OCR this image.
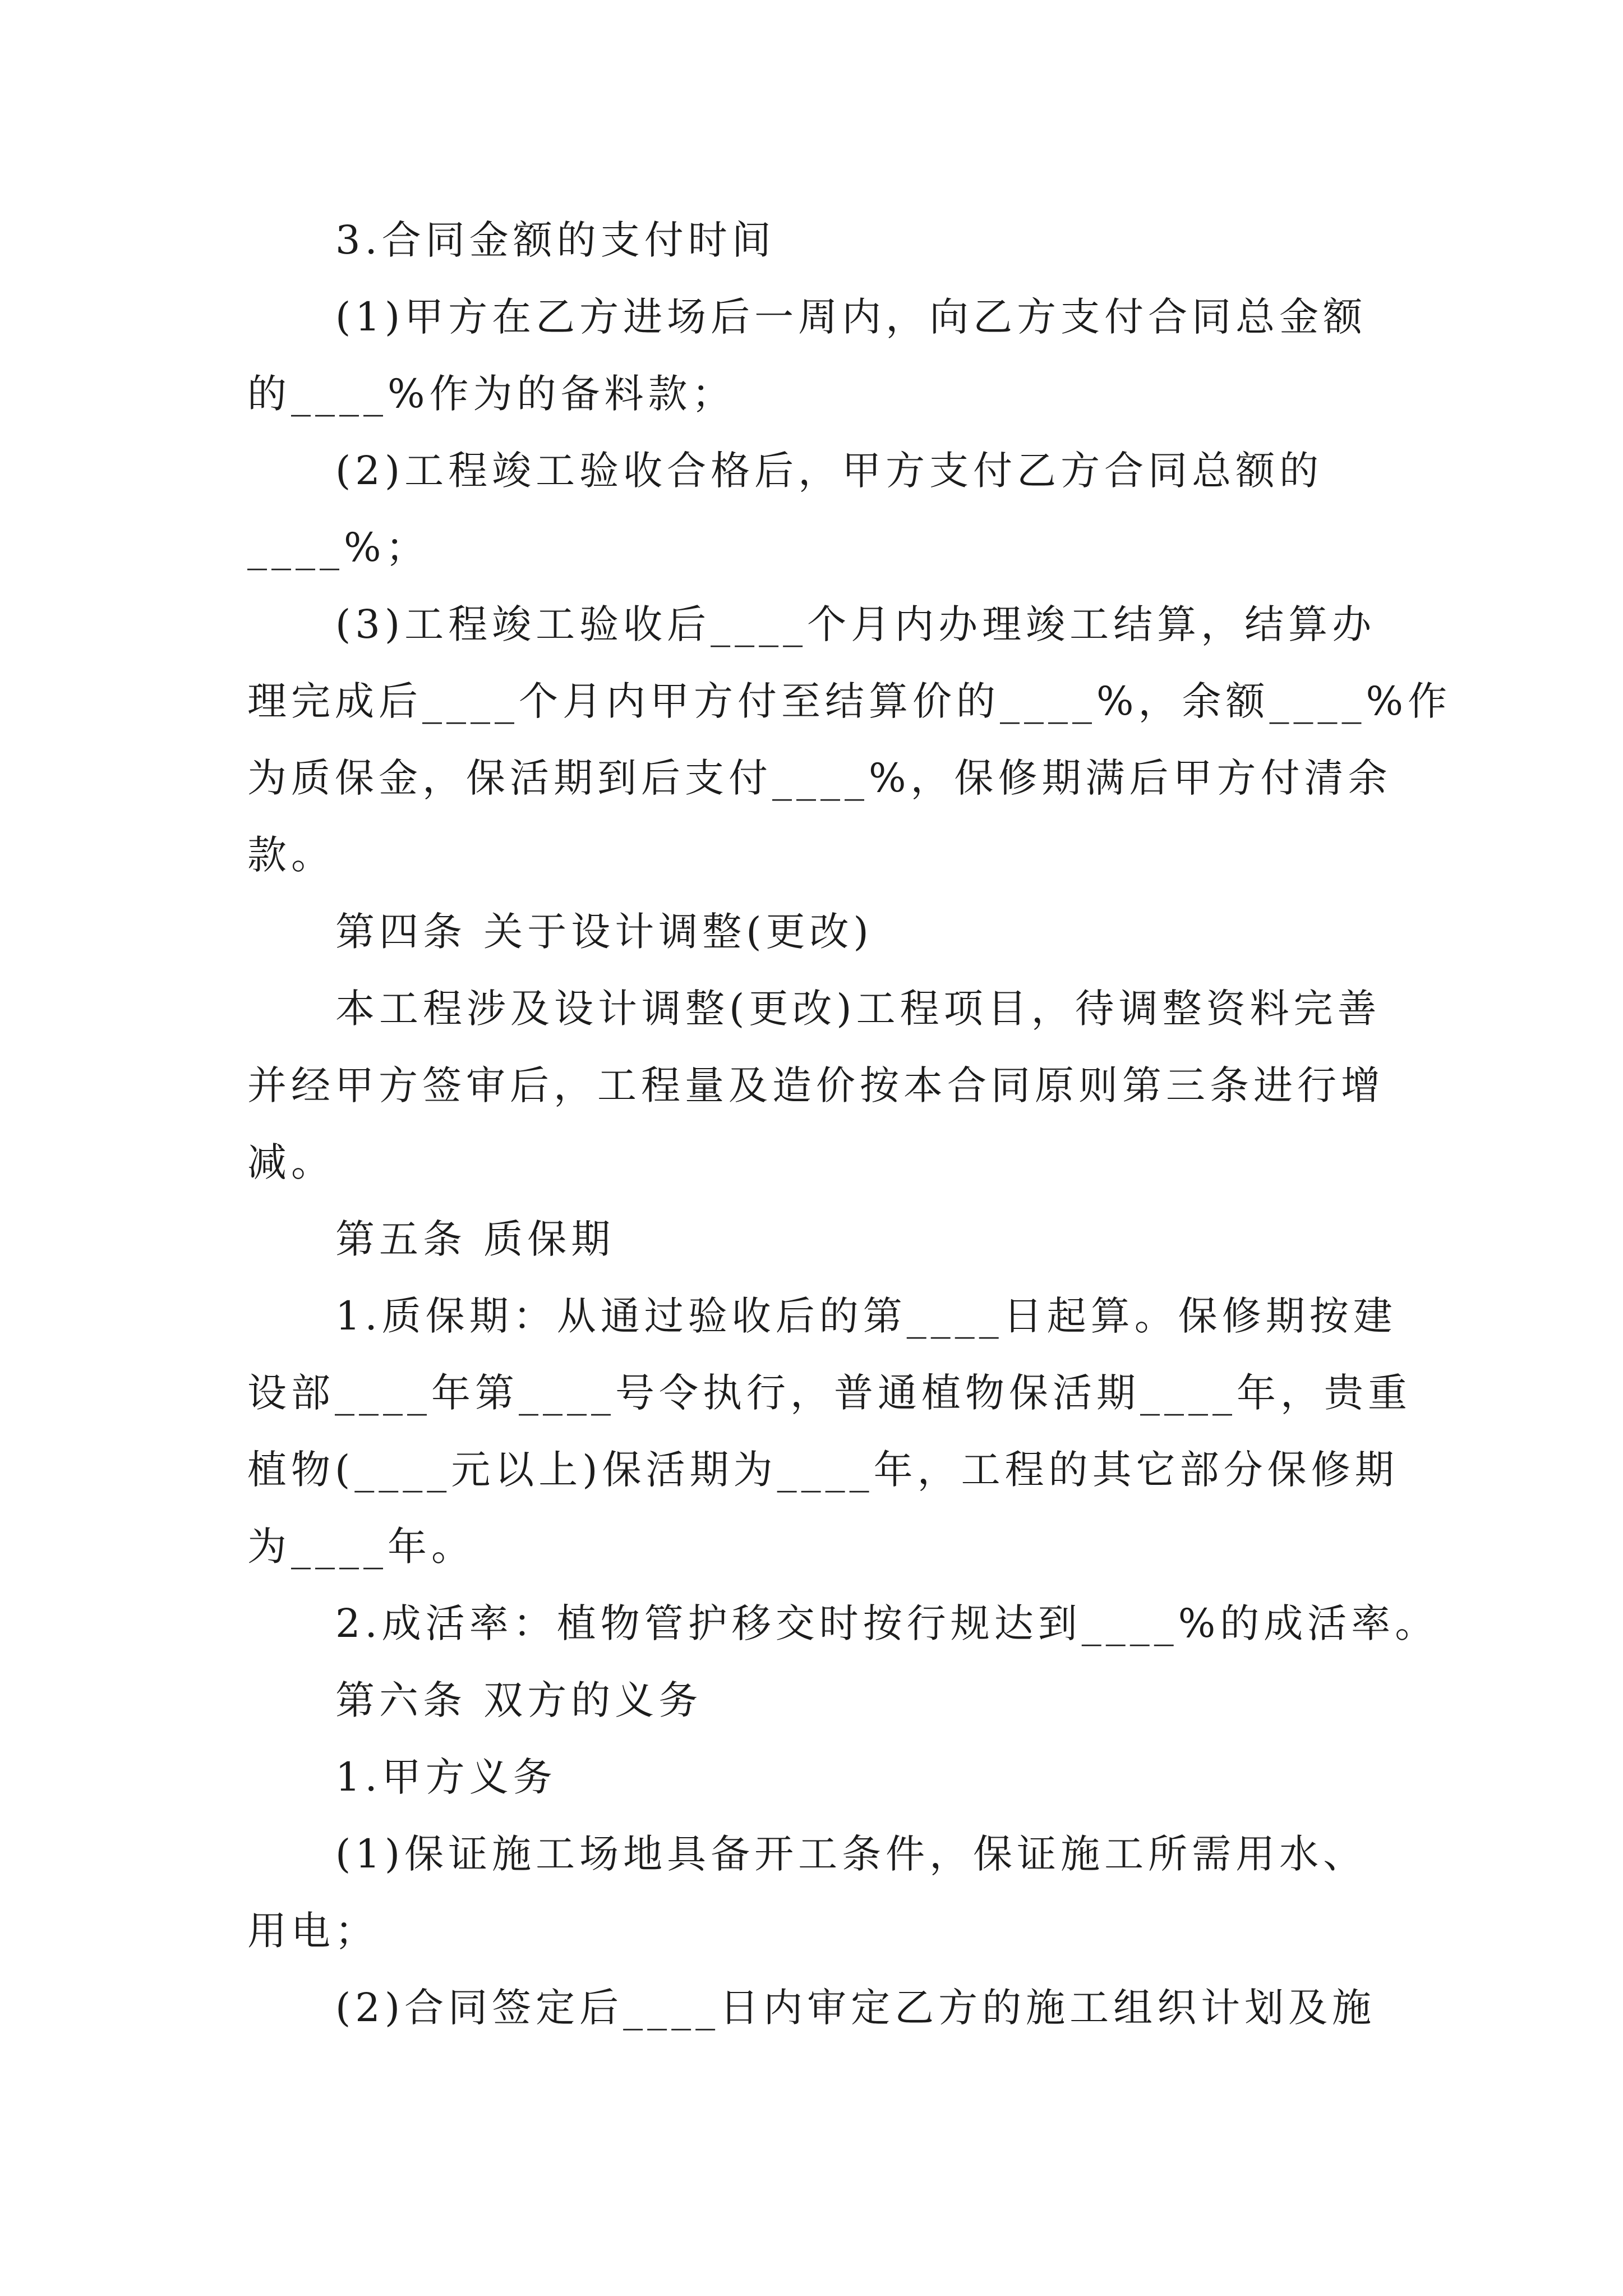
3.合同金额的支付时间
(1)甲方在乙方进场后一周内，向乙方支付合同总金额
的____%作为的备料款；
(2)工程竣工验收合格后，甲方支付乙方合同总额的
____%；
(3)工程竣工验收后____个月内办理竣工结算，结算办
理完成后____个月内甲方付至结算价的____%，余额____%作
为质保金，保活期到后支付____%，保修期满后甲方付清余
款。
第四条 关于设计调整(更改)
本工程涉及设计调整(更改)工程项目，待调整资料完善
并经甲方签审后，工程量及造价按本合同原则第三条进行增
减。
第五条 质保期
1.质保期：从通过验收后的第____日起算。保修期按建
设部____年第____号令执行，普通植物保活期____年，贵重
植物(____元以上)保活期为____年，工程的其它部分保修期
为____年。
2.成活率：植物管护移交时按行规达到____%的成活率。
第六条 双方的义务
1.甲方义务
(1)保证施工场地具备开工条件，保证施工所需用水、
用电；
(2)合同签定后____日内审定乙方的施工组织计划及施
